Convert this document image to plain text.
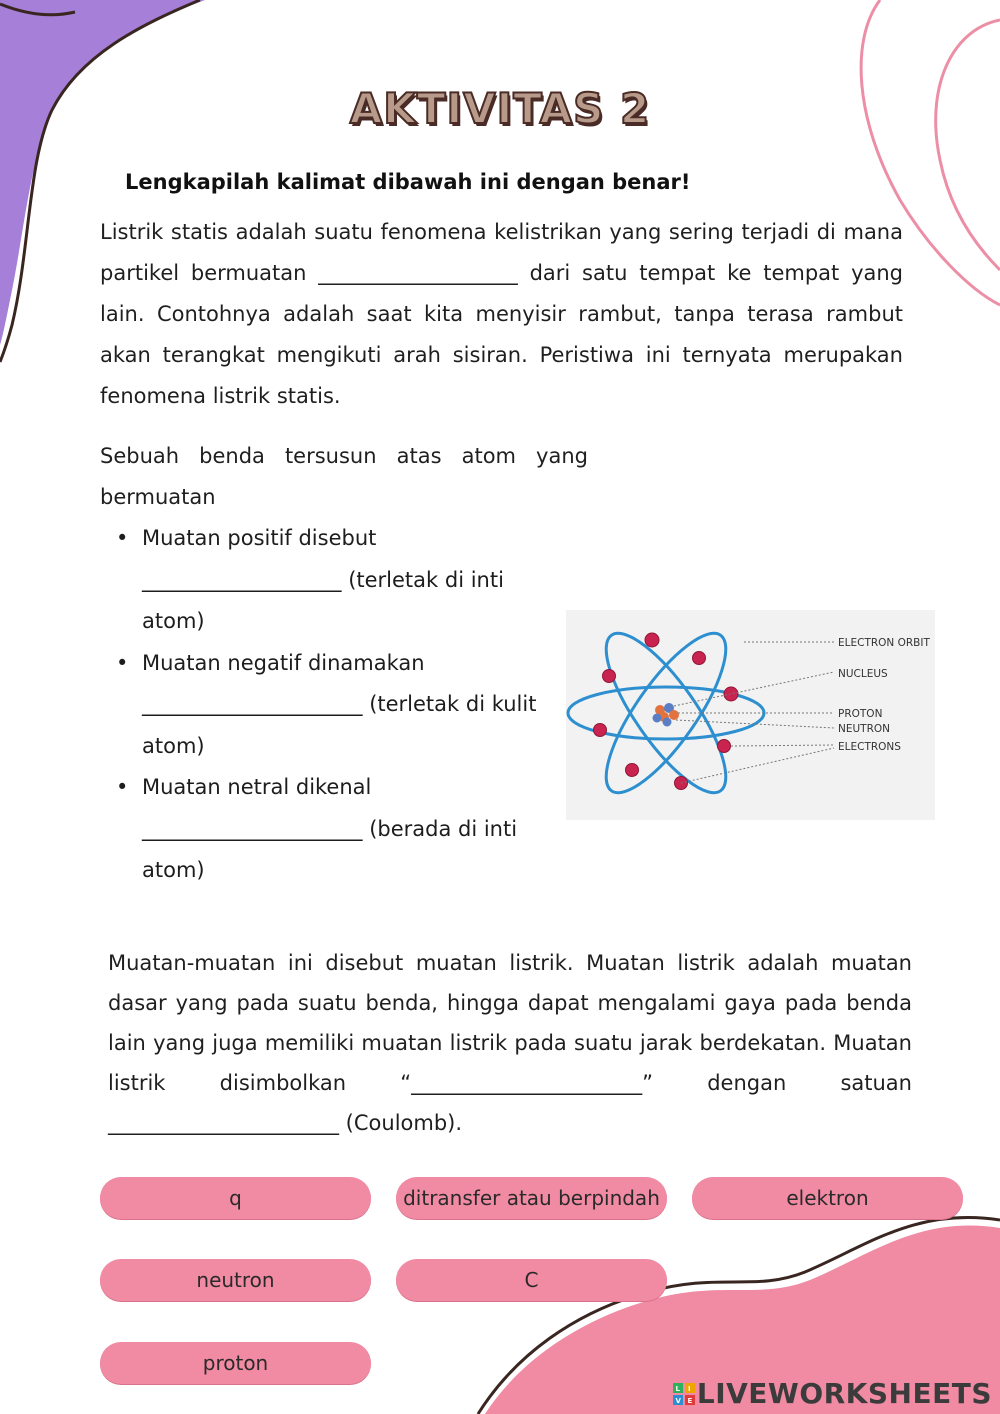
AKTIVITAS 2
Lengkapilah kalimat dibawah ini dengan benar!
Listrik statis adalah suatu fenomena kelistrikan yang sering terjadi di mana partikel bermuatan ___________________ dari satu tempat ke tempat yang lain. Contohnya adalah saat kita menyisir rambut, tanpa terasa rambut akan terangkat mengikuti arah sisiran. Peristiwa ini ternyata merupakan fenomena listrik statis.
Sebuah benda tersusun atas atom yang bermuatan
• Muatan positif disebut
___________________ (terletak di inti atom)
• Muatan negatif dinamakan
_____________________ (terletak di kulit atom)
• Muatan netral dikenal
_____________________ (berada di inti atom)
ELECTRON ORBIT
NUCLEUS
PROTON
NEUTRON
ELECTRONS
Muatan-muatan ini disebut muatan listrik. Muatan listrik adalah muatan dasar yang pada suatu benda, hingga dapat mengalami gaya pada benda lain yang juga memiliki muatan listrik pada suatu jarak berdekatan. Muatan listrik disimbolkan “______________________” dengan satuan ______________________ (Coulomb).
q	ditransfer atau berpindah	elektron
neutron	C
proton
L I
V E LIVEWORKSHEETS
